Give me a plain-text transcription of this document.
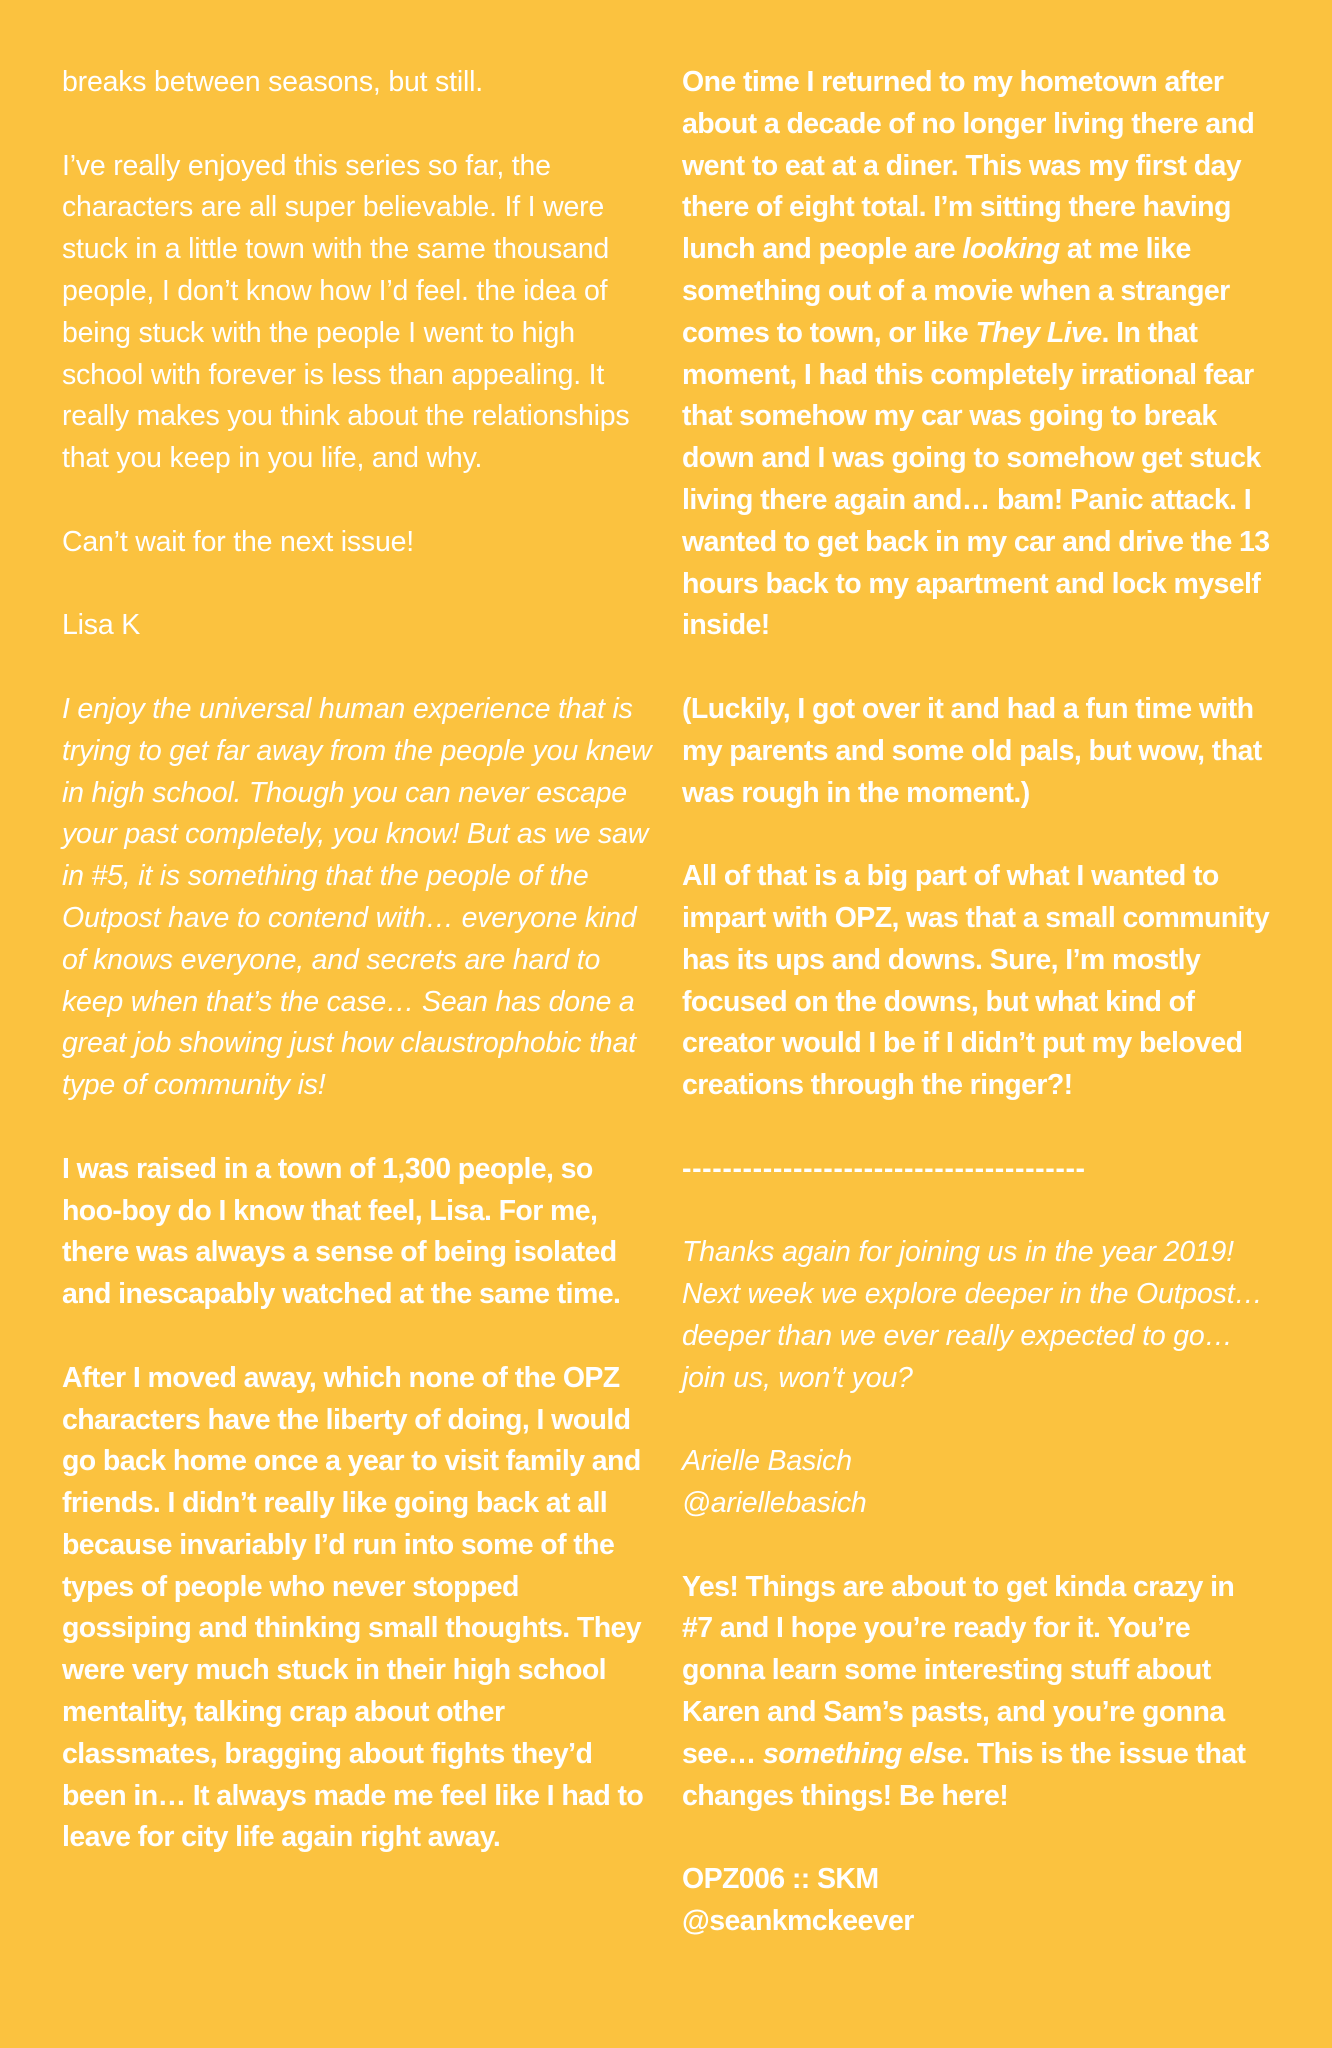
breaks between seasons, but still.

I’ve really enjoyed this series so far, the characters are all super believable. If I were stuck in a little town with the same thousand people, I don’t know how I’d feel. the idea of being stuck with the people I went to high school with forever is less than appealing. It really makes you think about the relationships that you keep in you life, and why.

Can’t wait for the next issue!

Lisa K

I enjoy the universal human experience that is trying to get far away from the people you knew in high school. Though you can never escape your past completely, you know! But as we saw in #5, it is something that the people of the Outpost have to contend with… everyone kind of knows everyone, and secrets are hard to keep when that’s the case… Sean has done a great job showing just how claustrophobic that type of community is!

I was raised in a town of 1,300 people, so hoo-boy do I know that feel, Lisa. For me, there was always a sense of being isolated and inescapably watched at the same time.

After I moved away, which none of the OPZ characters have the liberty of doing, I would go back home once a year to visit family and friends. I didn’t really like going back at all because invariably I’d run into some of the types of people who never stopped gossiping and thinking small thoughts. They were very much stuck in their high school mentality, talking crap about other classmates, bragging about fights they’d been in… It always made me feel like I had to leave for city life again right away.

One time I returned to my hometown after about a decade of no longer living there and went to eat at a diner. This was my first day there of eight total. I’m sitting there having lunch and people are looking at me like something out of a movie when a stranger comes to town, or like They Live. In that moment, I had this completely irrational fear that somehow my car was going to break down and I was going to somehow get stuck living there again and… bam! Panic attack. I wanted to get back in my car and drive the 13 hours back to my apartment and lock myself inside!

(Luckily, I got over it and had a fun time with my parents and some old pals, but wow, that was rough in the moment.)

All of that is a big part of what I wanted to impart with OPZ, was that a small community has its ups and downs. Sure, I’m mostly focused on the downs, but what kind of creator would I be if I didn’t put my beloved creations through the ringer?!

----------------------------------------

Thanks again for joining us in the year 2019! Next week we explore deeper in the Outpost… deeper than we ever really expected to go… join us, won’t you?

Arielle Basich
@ariellebasich

Yes! Things are about to get kinda crazy in #7 and I hope you’re ready for it. You’re gonna learn some interesting stuff about Karen and Sam’s pasts, and you’re gonna see… something else. This is the issue that changes things! Be here!

OPZ006 :: SKM
@seankmckeever
